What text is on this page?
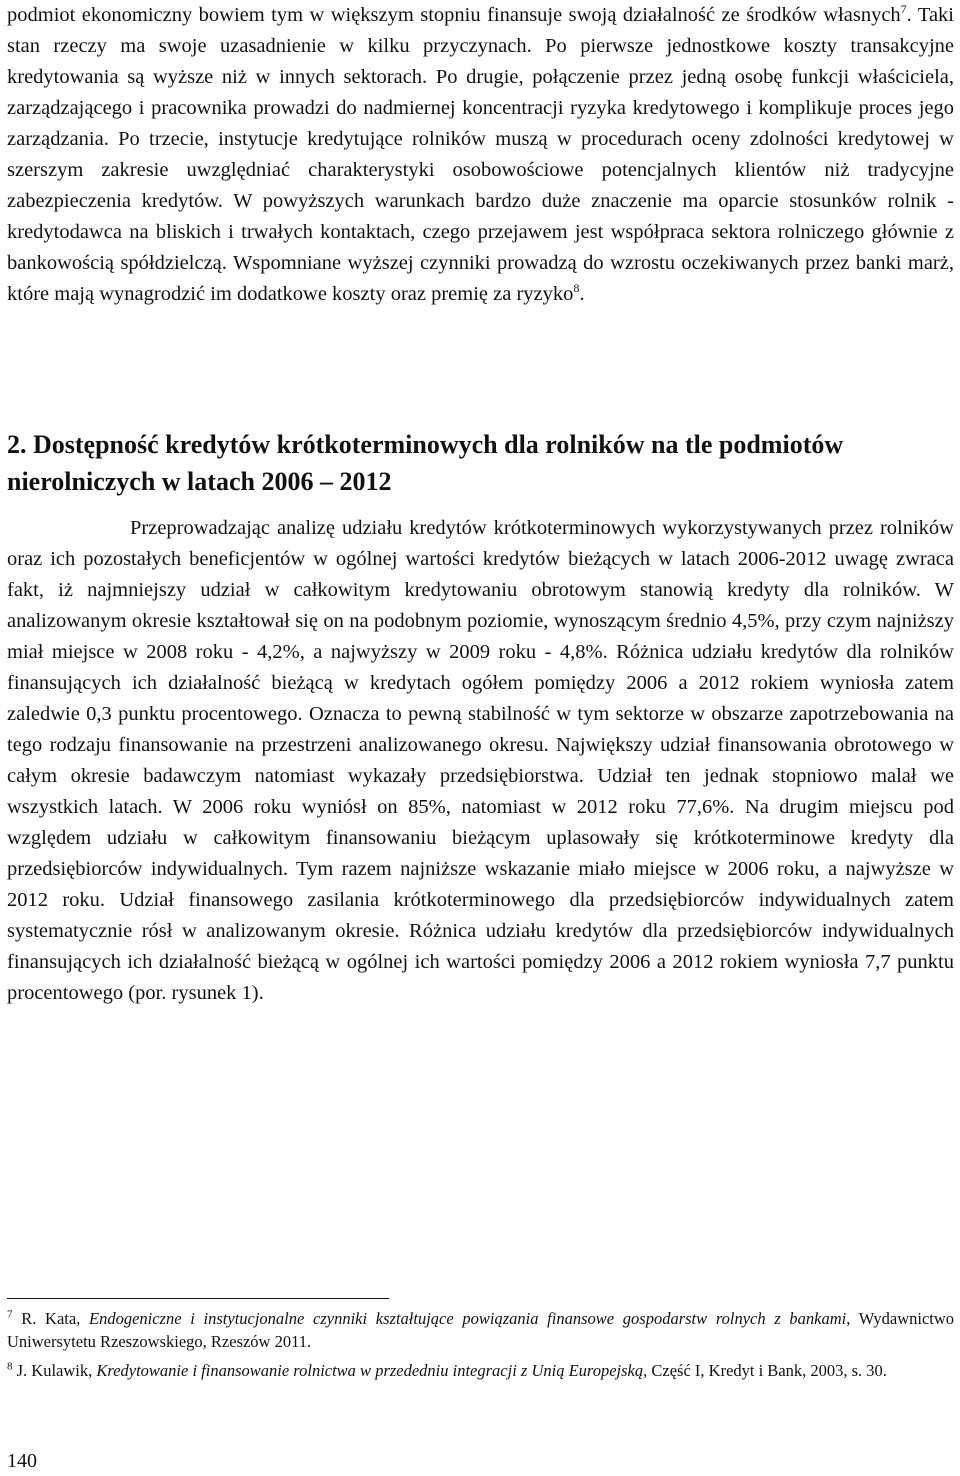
podmiot ekonomiczny bowiem tym w większym stopniu finansuje swoją działalność ze środków własnych$^7$. Taki stan rzeczy ma swoje uzasadnienie w kilku przyczynach. Po pierwsze jednostkowe koszty transakcyjne kredytowania są wyższe niż w innych sektorach. Po drugie, połączenie przez jedną osobę funkcji właściciela, zarządzającego i pracownika prowadzi do nadmiernej koncentracji ryzyka kredytowego i komplikuje proces jego zarządzania. Po trzecie, instytucje kredytujące rolników muszą w procedurach oceny zdolności kredytowej w szerszym zakresie uwzględniać charakterystyki osobowościowe potencjalnych klientów niż tradycyjne zabezpieczenia kredytów. W powyższych warunkach bardzo duże znaczenie ma oparcie stosunków rolnik - kredytodawca na bliskich i trwałych kontaktach, czego przejawem jest współpraca sektora rolniczego głównie z bankowością spółdzielczą. Wspomniane wyższej czynniki prowadzą do wzrostu oczekiwanych przez banki marż, które mają wynagrodzić im dodatkowe koszty oraz premię za ryzyko$^8$.

2. Dostępność kredytów krótkoterminowych dla rolników na tle podmiotów nierolniczych w latach 2006 – 2012

Przeprowadzając analizę udziału kredytów krótkoterminowych wykorzystywanych przez rolników oraz ich pozostałych beneficjentów w ogólnej wartości kredytów bieżących w latach 2006-2012 uwagę zwraca fakt, iż najmniejszy udział w całkowitym kredytowaniu obrotowym stanowią kredyty dla rolników. W analizowanym okresie kształtował się on na podobnym poziomie, wynoszącym średnio 4,5%, przy czym najniższy miał miejsce w 2008 roku - 4,2%, a najwyższy w 2009 roku - 4,8%. Różnica udziału kredytów dla rolników finansujących ich działalność bieżącą w kredytach ogółem pomiędzy 2006 a 2012 rokiem wyniosła zatem zaledwie 0,3 punktu procentowego. Oznacza to pewną stabilność w tym sektorze w obszarze zapotrzebowania na tego rodzaju finansowanie na przestrzeni analizowanego okresu. Największy udział finansowania obrotowego w całym okresie badawczym natomiast wykazały przedsiębiorstwa. Udział ten jednak stopniowo malał we wszystkich latach. W 2006 roku wyniósł on 85%, natomiast w 2012 roku 77,6%. Na drugim miejscu pod względem udziału w całkowitym finansowaniu bieżącym uplasowały się krótkoterminowe kredyty dla przedsiębiorców indywidualnych. Tym razem najniższe wskazanie miało miejsce w 2006 roku, a najwyższe w 2012 roku. Udział finansowego zasilania krótkoterminowego dla przedsiębiorców indywidualnych zatem systematycznie rósł w analizowanym okresie. Różnica udziału kredytów dla przedsiębiorców indywidualnych finansujących ich działalność bieżącą w ogólnej ich wartości pomiędzy 2006 a 2012 rokiem wyniosła 7,7 punktu procentowego (por. rysunek 1).

$^7$ R. Kata, Endogeniczne i instytucjonalne czynniki kształtujące powiązania finansowe gospodarstw rolnych z bankami, Wydawnictwo Uniwersytetu Rzeszowskiego, Rzeszów 2011.

$^8$ J. Kulawik, Kredytowanie i finansowanie rolnictwa w przededniu integracji z Unią Europejską, Część I, Kredyt i Bank, 2003, s. 30.

140
